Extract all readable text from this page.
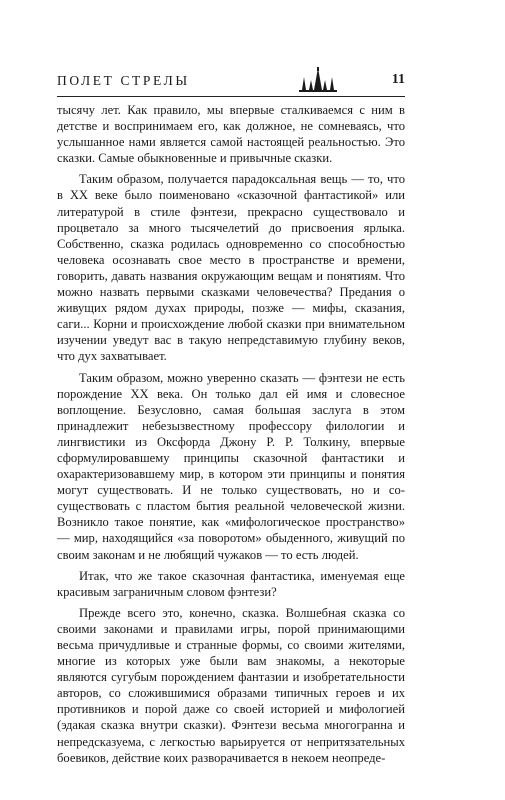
ПОЛЕТ СТРЕЛЫ	11

тысячу лет. Как правило, мы впервые сталкиваемся с ним в детстве и воспринимаем его, как должное, не сомневаясь, что услышанное нами является самой настоящей реальностью. Это сказки. Самые обыкновенные и привычные сказки.

Таким образом, получается парадоксальная вещь — то, что в XX веке было поименовано «сказочной фантастикой» или литературой в стиле фэнтези, прекрасно существовало и процветало за много тысячелетий до присвоения ярлыка. Собственно, сказка родилась одновременно со способностью человека осознавать свое место в пространстве и времени, говорить, давать названия окружающим вещам и понятиям. Что можно назвать первыми сказками человечества? Предания о живущих рядом духах природы, позже — мифы, сказания, саги... Корни и происхождение любой сказки при внимательном изучении уведут вас в такую непредставимую глубину веков, что дух захватывает.

Таким образом, можно уверенно сказать — фэнтези не есть порождение XX века. Он только дал ей имя и словесное воплощение. Безусловно, самая большая заслуга в этом принадлежит небезызвестному профессору филологии и лингвистики из Оксфорда Джону Р. Р. Толкину, впервые сформулировавшему принципы сказочной фантастики и охарактеризовавшему мир, в котором эти принципы и понятия могут существовать. И не только существовать, но и со-существовать с пластом бытия реальной человеческой жизни. Возникло такое понятие, как «мифологическое пространство» — мир, находящийся «за поворотом» обыденного, живущий по своим законам и не любящий чужаков — то есть людей.

Итак, что же такое сказочная фантастика, именуемая еще красивым заграничным словом фэнтези?

Прежде всего это, конечно, сказка. Волшебная сказка со своими законами и правилами игры, порой принимающими весьма причудливые и странные формы, со своими жителями, многие из которых уже были вам знакомы, а некоторые являются сугубым порождением фантазии и изобретательности авторов, со сложившимися образами типичных героев и их противников и порой даже со своей историей и мифологией (эдакая сказка внутри сказки). Фэнтези весьма многогранна и непредсказуема, с легкостью варьируется от непритязательных боевиков, действие коих разворачивается в некоем неопреде-
